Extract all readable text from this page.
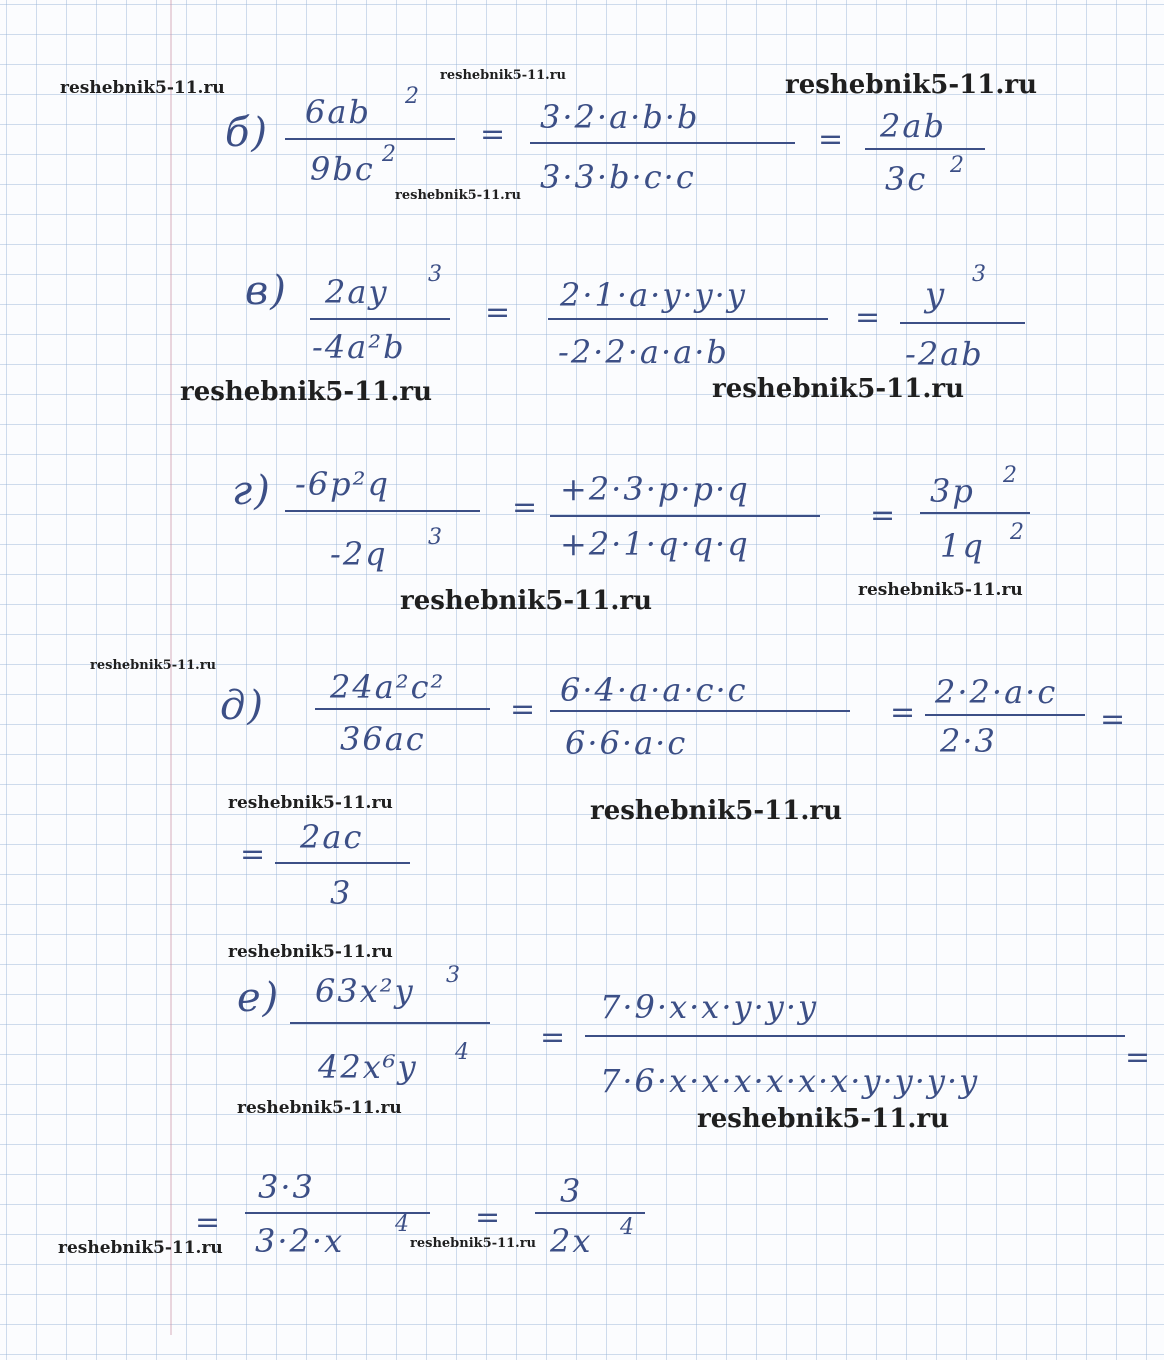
reshebnik5-11.ru
reshebnik5-11.ru	reshebnik5-11.ru
reshebnik5-11.ru
reshebnik5-11.ru	reshebnik5-11.ru
reshebnik5-11.ru	reshebnik5-11.ru
reshebnik5-11.ru
reshebnik5-11.ru	reshebnik5-11.ru
reshebnik5-11.ru
reshebnik5-11.ru	reshebnik5-11.ru
reshebnik5-11.ru	reshebnik5-11.ru
б) 6ab 2
9bc 2
= 3·2·a·b·b
3·3·b·c·c
= 2ab
3c 2
в) 2ay 3
-4a²b
= 2·1·a·y·y·y
-2·2·a·a·b
=
y
3
-2ab
г) -6p²q
-2q 3
= +2·3·p·p·q
+2·1·q·q·q
=
3p 2
1q 2
д) 24a²c²
36ac
=
6·4·a·a·c·c
6·6·a·c
=
2·2·a·c
2·3
=
= 2ac
3
е) 63x²y 3
42x⁶y 4 =
7·9·x·x·y·y·y
7·6·x·x·x·x·x·x·y·y·y·y
=
=
3·3
3·2·x 4 =
3
2x 4
